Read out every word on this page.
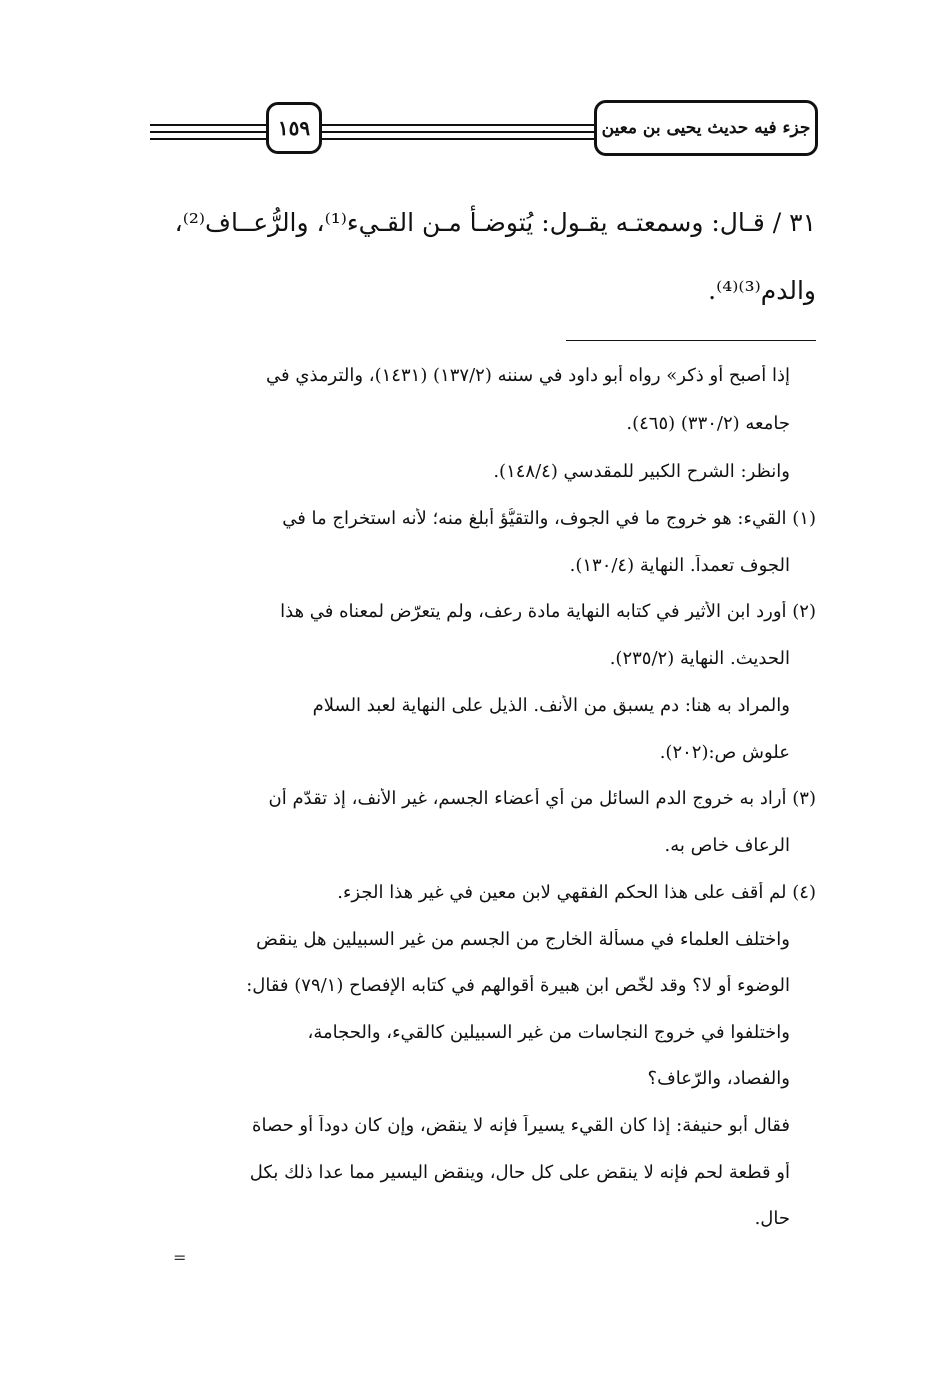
١٥٩	جزء فيه حديث يحيى بن معين
٣١ / قـال: وسمعتـه يقـول: يُتوضـأ مـن القـيء⁽¹⁾، والرُّعــاف⁽²⁾،
والدم⁽³⁾⁽⁴⁾.
إذا أصبح أو ذكر» رواه أبو داود في سننه (١٣٧/٢) (١٤٣١)، والترمذي في
جامعه (٣٣٠/٢) (٤٦٥).
وانظر: الشرح الكبير للمقدسي (١٤٨/٤).
(١) القيء: هو خروج ما في الجوف، والتقيُّؤ أبلغ منه؛ لأنه استخراج ما في
الجوف تعمداً. النهاية (١٣٠/٤).
(٢) أورد ابن الأثير في كتابه النهاية مادة رعف، ولم يتعرّض لمعناه في هذا
الحديث. النهاية (٢٣٥/٢).
والمراد به هنا: دم يسبق من الأنف. الذيل على النهاية لعبد السلام
علوش ص:(٢٠٢).
(٣) أراد به خروج الدم السائل من أي أعضاء الجسم، غير الأنف، إذ تقدّم أن
الرعاف خاص به.
(٤) لم أقف على هذا الحكم الفقهي لابن معين في غير هذا الجزء.
واختلف العلماء في مسألة الخارج من الجسم من غير السبيلين هل ينقض
الوضوء أو لا؟ وقد لخّص ابن هبيرة أقوالهم في كتابه الإفصاح (٧٩/١) فقال:
واختلفوا في خروج النجاسات من غير السبيلين كالقيء، والحجامة،
والفصاد، والرّعاف؟
فقال أبو حنيفة: إذا كان القيء يسيراً فإنه لا ينقض، وإن كان دوداً أو حصاة
أو قطعة لحم فإنه لا ينقض على كل حال، وينقض اليسير مما عدا ذلك بكل
حال.
=
